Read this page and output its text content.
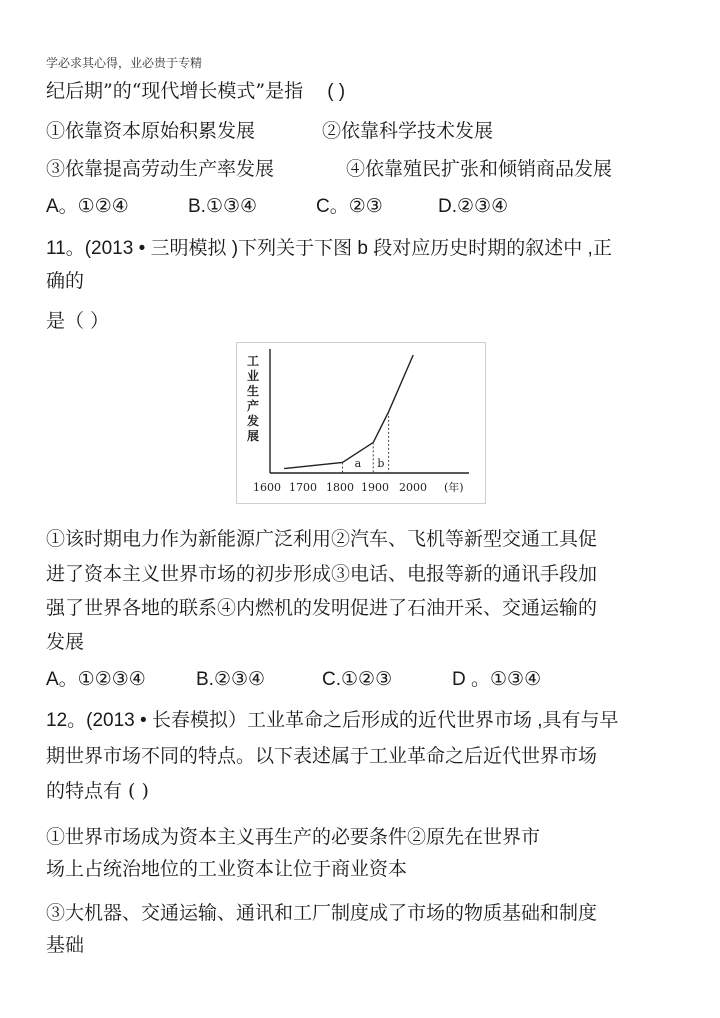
学必求其心得，业必贵于专精
纪后期”的“现代增长模式”是指 ( )
①依靠资本原始积累发展	②依靠科学技术发展
③依靠提高劳动生产率发展	④依靠殖民扩张和倾销商品发展
A。①②④	B.①③④	C。②③	D.②③④
11。(2013 • 三明模拟 )下列关于下图 b 段对应历史时期的叙述中 ,正
确的
是（ ）
工
业
生
产
发
展
a b
1600 1700 1800 1900 2000 (年)
①该时期电力作为新能源广泛利用②汽车、飞机等新型交通工具促
进了资本主义世界市场的初步形成③电话、电报等新的通讯手段加
强了世界各地的联系④内燃机的发明促进了石油开采、交通运输的
发展
A。①②③④	B.②③④	C.①②③	D 。①③④
12。(2013 • 长春模拟）工业革命之后形成的近代世界市场 ,具有与早
期世界市场不同的特点。以下表述属于工业革命之后近代世界市场
的特点有 ( )
①世界市场成为资本主义再生产的必要条件②原先在世界市
场上占统治地位的工业资本让位于商业资本
③大机器、交通运输、通讯和工厂制度成了市场的物质基础和制度
基础
